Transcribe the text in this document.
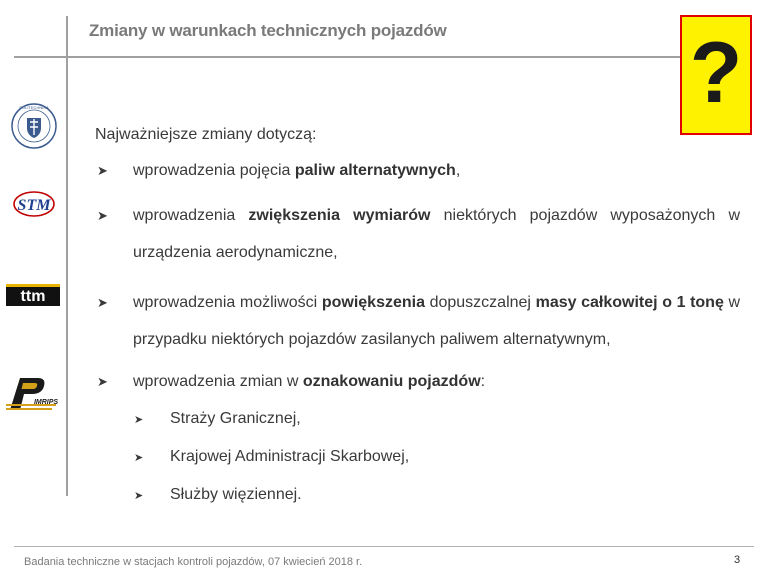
Zmiany w warunkach technicznych pojazdów	?
POLITECHNIKA
STM
ttm
IMRIPS
Najważniejsze zmiany dotyczą:
➤ wprowadzenia pojęcia paliw alternatywnych,
➤ wprowadzenia zwiększenia wymiarów niektórych pojazdów wyposażonych w urządzenia aerodynamiczne,
➤ wprowadzenia możliwości powiększenia dopuszczalnej masy całkowitej o 1 tonę w przypadku niektórych pojazdów zasilanych paliwem alternatywnym,
➤ wprowadzenia zmian w oznakowaniu pojazdów:
➤ Straży Granicznej,
➤ Krajowej Administracji Skarbowej,
➤ Służby więziennej.
Badania techniczne w stacjach kontroli pojazdów, 07 kwiecień 2018 r.	3
